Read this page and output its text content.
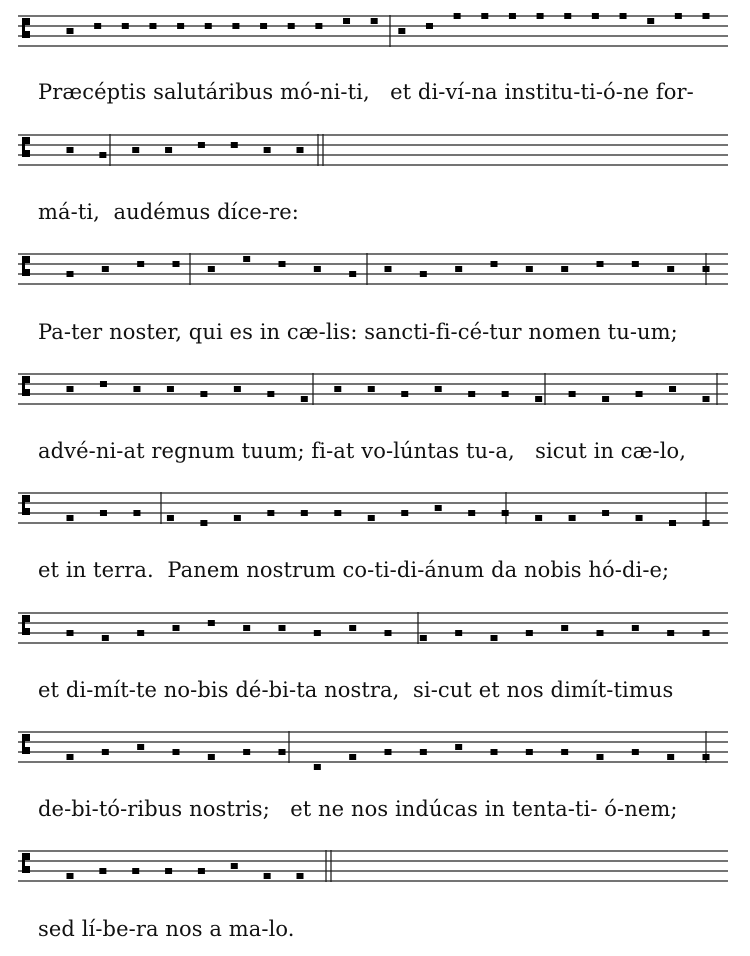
Præcéptis salutáribus mó-ni-ti,   et di-ví-na institu-ti-ó-ne for-
má-ti,  audémus díce-re:
Pa-ter noster, qui es in cæ-lis: sancti-fi-cé-tur nomen tu-um;
advé-ni-at regnum tuum; fi-at vo-lúntas tu-a,   sicut in cæ-lo,
et in terra.  Panem nostrum co-ti-di-ánum da nobis hó-di-e;
et di-mít-te no-bis dé-bi-ta nostra,  si-cut et nos dimít-timus
de-bi-tó-ribus nostris;   et ne nos indúcas in tenta-ti- ó-nem;
sed lí-be-ra nos a ma-lo.
